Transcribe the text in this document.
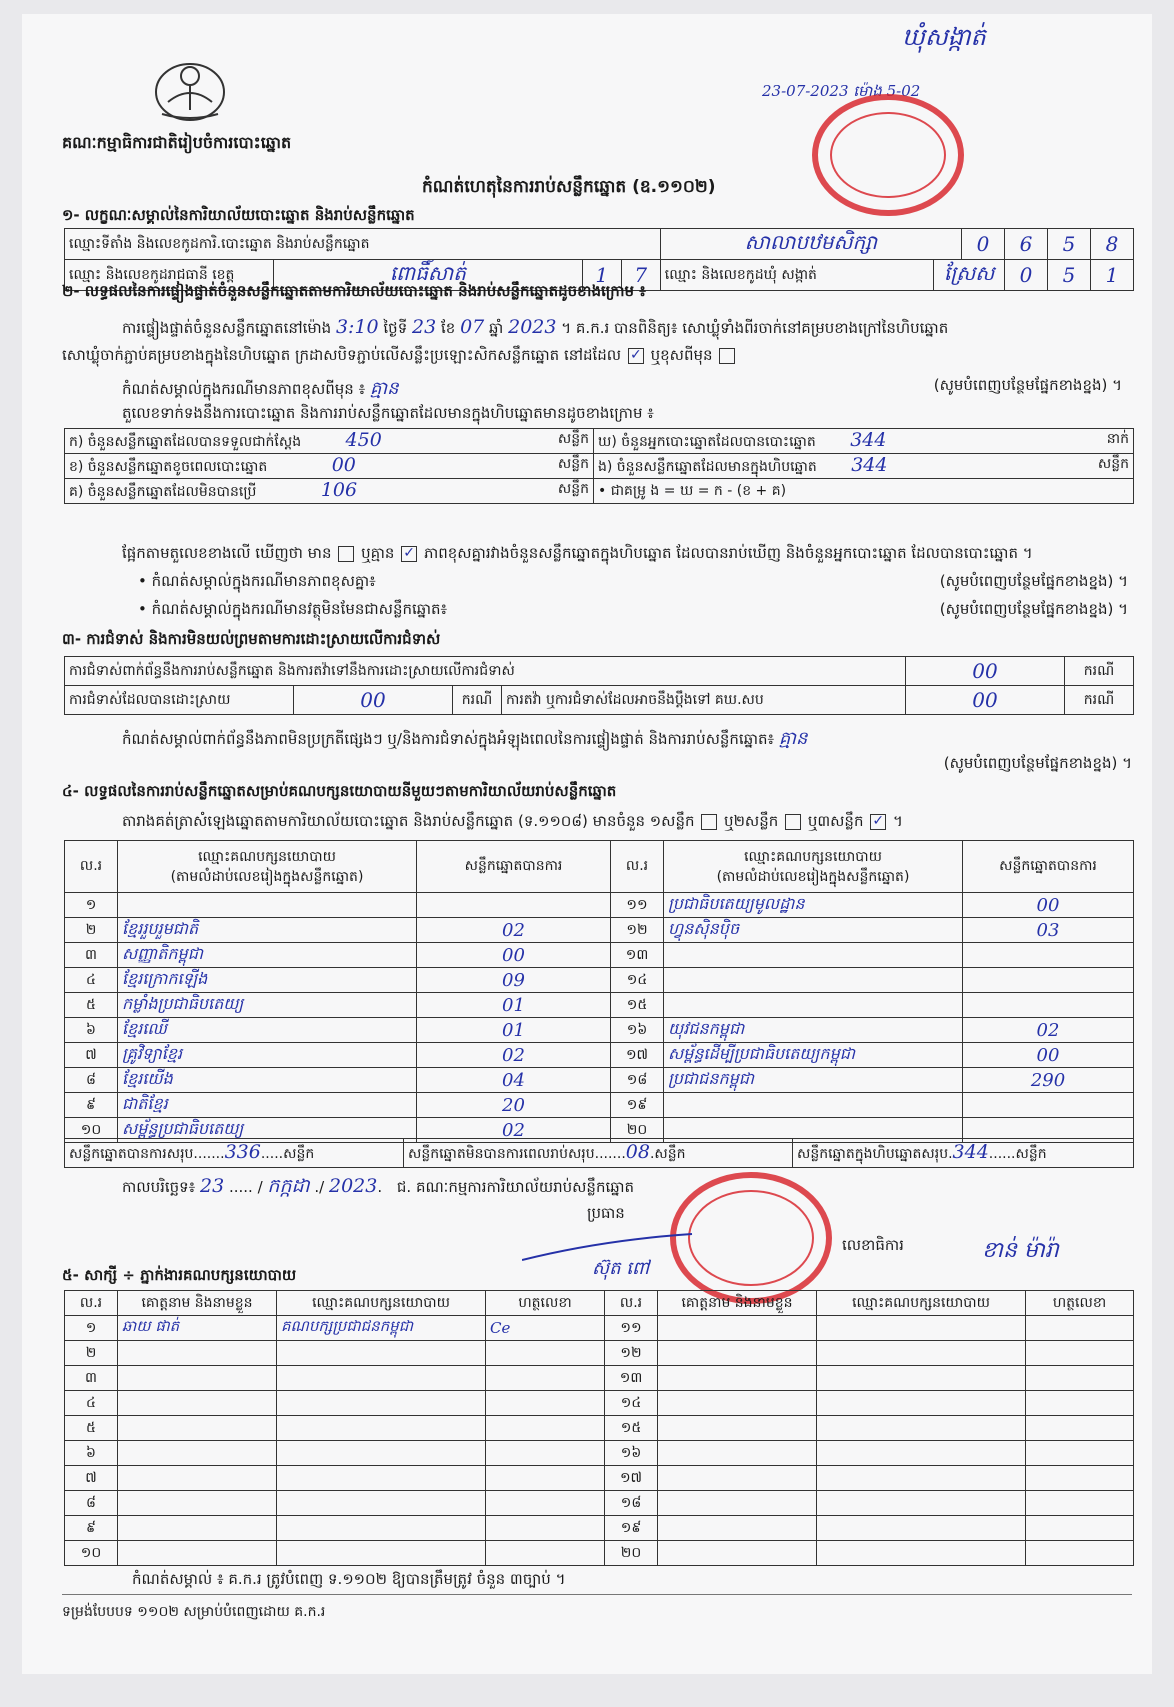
គណៈកម្មាធិការជាតិរៀបចំការបោះឆ្នោត
ឃុំសង្កាត់
23-07-2023 ម៉ោង 5-02
កំណត់ហេតុនៃការរាប់សន្លឹកឆ្នោត (ឧ.១១០២)
១- លក្ខណៈសម្គាល់នៃការិយាល័យបោះឆ្នោត និងរាប់សន្លឹកឆ្នោត
ឈ្មោះទីតាំង និងលេខកូដការិ.បោះឆ្នោត និងរាប់សន្លឹកឆ្នោត				សាលាបឋមសិក្សា		0	6	5	8
ឈ្មោះ និងលេខកូដរាជធានី ខេត្ត	ពោធិ៍សាត់	1	7	ឈ្មោះ និងលេខកូដឃុំ សង្កាត់	ស្រែស		0	5	1
២- លទ្ធផលនៃការផ្ទៀងផ្ទាត់ចំនួនសន្លឹកឆ្នោតតាមការិយាល័យបោះឆ្នោត និងរាប់សន្លឹកឆ្នោតដូចខាងក្រោម ៖
ការផ្ទៀងផ្ទាត់ចំនួនសន្លឹកឆ្នោតនៅម៉ោង 3:10 ថ្ងៃទី 23 ខែ 07 ឆ្នាំ 2023 ។ គ.ក.រ បានពិនិត្យ៖ សោឃ្លុំទាំងពីរចាក់នៅគម្របខាងក្រៅនៃហិបឆ្នោត
សោឃ្លុំចាក់ភ្ជាប់គម្របខាងក្នុងនៃហិបឆ្នោត ក្រដាសបិទភ្ជាប់លើសន្លឹះប្រឡោះសិកសន្លឹកឆ្នោត នៅដដែល ✓ ឬខុសពីមុន
កំណត់សម្គាល់ក្នុងករណីមានភាពខុសពីមុន ៖ គ្មាន	(សូមបំពេញបន្ថែមផ្នែកខាងខ្នង) ។
តួលេខទាក់ទងនឹងការបោះឆ្នោត និងការរាប់សន្លឹកឆ្នោតដែលមានក្នុងហិបឆ្នោតមានដូចខាងក្រោម ៖
ក) ចំនួនសន្លឹកឆ្នោតដែលបានទទួលជាក់ស្តែង 450 សន្លឹក	ឃ) ចំនួនអ្នកបោះឆ្នោតដែលបានបោះឆ្នោត 344 នាក់

ខ) ចំនួនសន្លឹកឆ្នោតខូចពេលបោះឆ្នោត 00 សន្លឹក	ង) ចំនួនសន្លឹកឆ្នោតដែលមានក្នុងហិបឆ្នោត 344 សន្លឹក

គ) ចំនួនសន្លឹកឆ្នោតដែលមិនបានប្រើ 106 សន្លឹក	• ជាគម្រូ ង = ឃ = ក - (ខ + គ)
ផ្អែកតាមតួលេខខាងលើ ឃើញថា មាន ឬគ្មាន ✓ ភាពខុសគ្នារវាងចំនួនសន្លឹកឆ្នោតក្នុងហិបឆ្នោត ដែលបានរាប់ឃើញ និងចំនួនអ្នកបោះឆ្នោត ដែលបានបោះឆ្នោត ។
• កំណត់សម្គាល់ក្នុងករណីមានភាពខុសគ្នា៖	(សូមបំពេញបន្ថែមផ្នែកខាងខ្នង) ។
• កំណត់សម្គាល់ក្នុងករណីមានវត្ថុមិនមែនជាសន្លឹកឆ្នោត៖	(សូមបំពេញបន្ថែមផ្នែកខាងខ្នង) ។
៣- ការជំទាស់ និងការមិនយល់ព្រមតាមការដោះស្រាយលើការជំទាស់
ការជំទាស់ពាក់ព័ន្ធនឹងការរាប់សន្លឹកឆ្នោត និងការតវ៉ាទៅនឹងការដោះស្រាយលើការជំទាស់				00	ករណី
ការជំទាស់ដែលបានដោះស្រាយ	00	ករណី	ការតវ៉ា ឬការជំទាស់ដែលអាចនឹងប្តឹងទៅ គឃ.សប	00	ករណី
កំណត់សម្គាល់ពាក់ព័ន្ធនឹងភាពមិនប្រក្រតីផ្សេងៗ ឬ/និងការជំទាស់ក្នុងអំឡុងពេលនៃការផ្ទៀងផ្ទាត់ និងការរាប់សន្លឹកឆ្នោត៖ គ្មាន
(សូមបំពេញបន្ថែមផ្នែកខាងខ្នង) ។
៤- លទ្ធផលនៃការរាប់សន្លឹកឆ្នោតសម្រាប់គណបក្សនយោបាយនីមួយៗតាមការិយាល័យរាប់សន្លឹកឆ្នោត
តារាងគត់ត្រាសំឡេងឆ្នោតតាមការិយាល័យបោះឆ្នោត និងរាប់សន្លឹកឆ្នោត (ទ.១១០៨) មានចំនួន ១សន្លឹក ឬ២សន្លឹក ឬ៣សន្លឹក ✓ ។
ល.រ	ឈ្មោះគណបក្សនយោបាយ
(តាមលំដាប់លេខរៀងក្នុងសន្លឹកឆ្នោត)	សន្លឹកឆ្នោតបានការ	ល.រ	ឈ្មោះគណបក្សនយោបាយ
(តាមលំដាប់លេខរៀងក្នុងសន្លឹកឆ្នោត)	សន្លឹកឆ្នោតបានការ
១			១១	ប្រជាធិបតេយ្យមូលដ្ឋាន	00
២	ខ្មែររួបរួមជាតិ	02	១២	ហ្វុនស៊ិនប៉ិច	03
៣	សញ្ញាតិកម្ពុជា	00	១៣		
៤	ខ្មែរក្រោកឡើង	09	១៤		
៥	កម្លាំងប្រជាធិបតេយ្យ	01	១៥		
៦	ខ្មែរឈើ	01	១៦	យុវជនកម្ពុជា	02
៧	គ្រូវិទ្យាខ្មែរ	02	១៧	សម្ព័ន្ធដើម្បីប្រជាធិបតេយ្យកម្ពុជា	00
៨	ខ្មែរយើង	04	១៨	ប្រជាជនកម្ពុជា	290
៩	ជាតិខ្មែរ	20	១៩		
១០	សម្ព័ន្ធប្រជាធិបតេយ្យ	02	២០		
សន្លឹកឆ្នោតបានការសរុប.......336.....សន្លឹក	សន្លឹកឆ្នោតមិនបានការពេលរាប់សរុប.......08.សន្លឹក	សន្លឹកឆ្នោតក្នុងហិបឆ្នោតសរុប.344......សន្លឹក
កាលបរិច្ឆេទ៖ 23 ..... / កក្កដា ./ 2023. ជ. គណៈកម្មការការិយាល័យរាប់សន្លឹកឆ្នោត
ប្រធាន
ស៊ុត ពៅ
លេខាធិការ	ខាន់ ម៉ារ៉ា
៥- សាក្សី ÷ ភ្នាក់ងារគណបក្សនយោបាយ
ល.រ	គោត្តនាម និងនាមខ្លួន	ឈ្មោះគណបក្សនយោបាយ	ហត្ថលេខា	ល.រ	គោត្តនាម និងនាមខ្លួន	ឈ្មោះគណបក្សនយោបាយ	ហត្ថលេខា
១	ឆាយ ផាត់	គណបក្សប្រជាជនកម្ពុជា	Ce	១១			
២				១២			
៣				១៣			
៤				១៤			
៥				១៥			
៦				១៦			
៧				១៧			
៨				១៨			
៩				១៩			
១០				២០			
កំណត់សម្គាល់ ៖ គ.ក.រ ត្រូវបំពេញ ទ.១១០២ ឱ្យបានត្រឹមត្រូវ ចំនួន ៣ច្បាប់ ។
ទម្រង់បែបបទ ១១០២ សម្រាប់បំពេញដោយ គ.ក.រ
